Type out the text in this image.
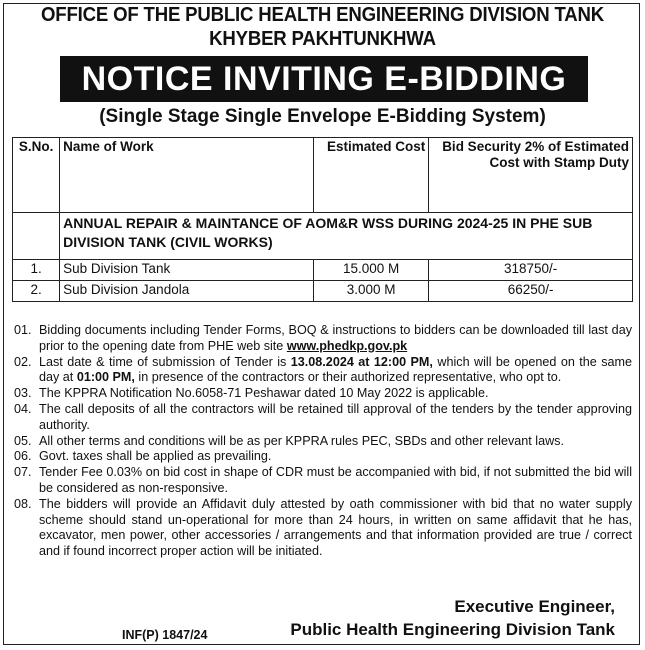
OFFICE OF THE PUBLIC HEALTH ENGINEERING DIVISION TANK
KHYBER PAKHTUNKHWA
NOTICE INVITING E-BIDDING
(Single Stage Single Envelope E-Bidding System)
S.No.	Name of Work	Estimated Cost	Bid Security 2% of Estimated Cost with Stamp Duty
	ANNUAL REPAIR & MAINTANCE OF AOM&R WSS DURING 2024-25 IN PHE SUB DIVISION TANK (CIVIL WORKS)		
1.	Sub Division Tank	15.000 M	318750/-
2.	Sub Division Jandola	3.000 M	66250/-
01. Bidding documents including Tender Forms, BOQ & instructions to bidders can be downloaded till last day prior to the opening date from PHE web site www.phedkp.gov.pk
02. Last date & time of submission of Tender is 13.08.2024 at 12:00 PM, which will be opened on the same day at 01:00 PM, in presence of the contractors or their authorized representative, who opt to.
03. The KPPRA Notification No.6058-71 Peshawar dated 10 May 2022 is applicable.
04. The call deposits of all the contractors will be retained till approval of the tenders by the tender approving authority.
05. All other terms and conditions will be as per KPPRA rules PEC, SBDs and other relevant laws.
06. Govt. taxes shall be applied as prevailing.
07. Tender Fee 0.03% on bid cost in shape of CDR must be accompanied with bid, if not submitted the bid will be considered as non-responsive.
08. The bidders will provide an Affidavit duly attested by oath commissioner with bid that no water supply scheme should stand un-operational for more than 24 hours, in written on same affidavit that he has, excavator, men power, other accessories / arrangements and that information provided are true / correct and if found incorrect proper action will be initiated.
Executive Engineer,
Public Health Engineering Division Tank
INF(P) 1847/24
